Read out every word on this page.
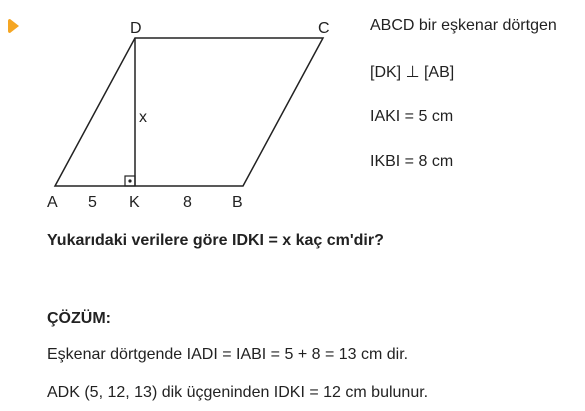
D	C
A	K	B
5	8
x
ABCD bir eşkenar dörtgen
[DK] ⊥ [AB]
IAKI = 5 cm
IKBI = 8 cm
Yukarıdaki verilere göre IDKI = x kaç cm'dir?
ÇÖZÜM:
Eşkenar dörtgende IADI = IABI = 5 + 8 = 13 cm dir.
ADK (5, 12, 13) dik üçgeninden IDKI = 12 cm bulunur.
